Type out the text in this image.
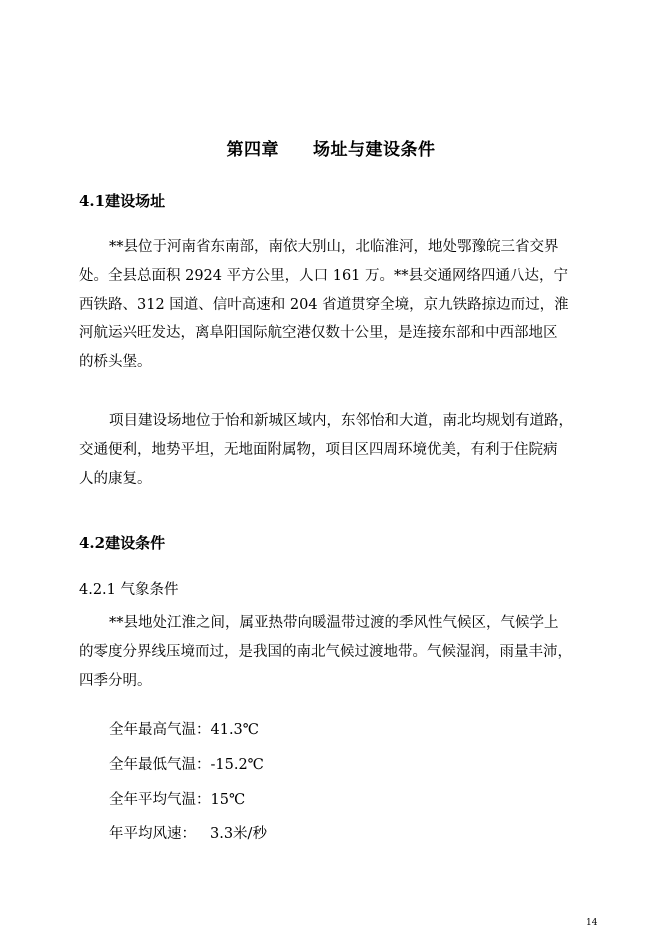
第四章 场址与建设条件
4.1建设场址

**县位于河南省东南部，南依大别山，北临淮河，地处鄂豫皖三省交界
处。全县总面积 2924 平方公里，人口 161 万。**县交通网络四通八达，宁
西铁路、312 国道、信叶高速和 204 省道贯穿全境，京九铁路掠边而过，淮
河航运兴旺发达，离阜阳国际航空港仅数十公里，是连接东部和中西部地区
的桥头堡。

项目建设场地位于怡和新城区域内，东邻怡和大道，南北均规划有道路，
交通便利，地势平坦，无地面附属物，项目区四周环境优美，有利于住院病
人的康复。

4.2建设条件
4.2.1 气象条件

**县地处江淮之间，属亚热带向暖温带过渡的季风性气候区，气候学上
的零度分界线压境而过，是我国的南北气候过渡地带。气候湿润，雨量丰沛，
四季分明。

全年最高气温：41.3℃
全年最低气温：-15.2℃
全年平均气温：15℃
年平均风速： 3.3米/秒
14
